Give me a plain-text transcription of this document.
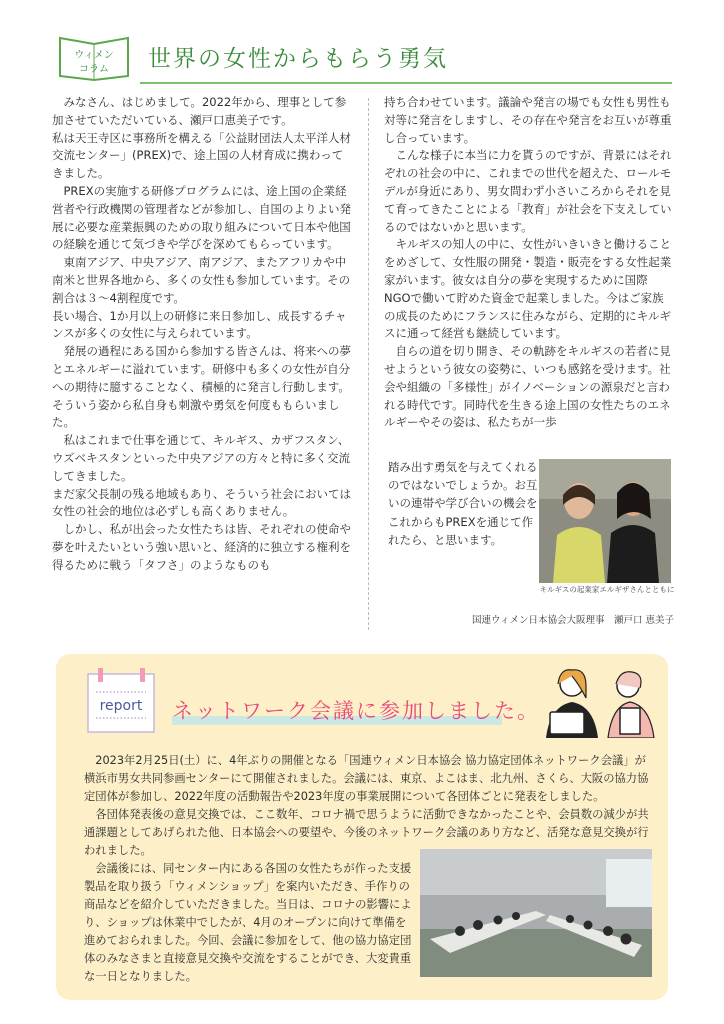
ウィメン
コラム 世界の女性からもらう勇気

みなさん、はじめまして。2022年から、理事として参加させていただいている、瀬戸口恵美子です。

私は天王寺区に事務所を構える「公益財団法人太平洋人材交流センター」(PREX)で、途上国の人材育成に携わってきました。

PREXの実施する研修プログラムには、途上国の企業経営者や行政機関の管理者などが参加し、自国のよりよい発展に必要な産業振興のための取り組みについて日本や他国の経験を通じて気づきや学びを深めてもらっています。

東南アジア、中央アジア、南アジア、またアフリカや中南米と世界各地から、多くの女性も参加しています。その割合は３〜4割程度です。

長い場合、1か月以上の研修に来日参加し、成長するチャンスが多くの女性に与えられています。

発展の過程にある国から参加する皆さんは、将来への夢とエネルギーに溢れています。研修中も多くの女性が自分への期待に臆することなく、積極的に発言し行動します。そういう姿から私自身も刺激や勇気を何度ももらいました。

私はこれまで仕事を通じて、キルギス、カザフスタン、ウズベキスタンといった中央アジアの方々と特に多く交流してきました。

まだ家父長制の残る地域もあり、そういう社会においては女性の社会的地位は必ずしも高くありません。

しかし、私が出会った女性たちは皆、それぞれの使命や夢を叶えたいという強い思いと、経済的に独立する権利を得るために戦う「タフさ」のようなものも

持ち合わせています。議論や発言の場でも女性も男性も対等に発言をしますし、その存在や発言をお互いが尊重し合っています。

こんな様子に本当に力を貰うのですが、背景にはそれぞれの社会の中に、これまでの世代を超えた、ロールモデルが身近にあり、男女問わず小さいころからそれを見て育ってきたことによる「教育」が社会を下支えしているのではないかと思います。

キルギスの知人の中に、女性がいきいきと働けることをめざして、女性服の開発・製造・販売をする女性起業家がいます。彼女は自分の夢を実現するために国際NGOで働いて貯めた資金で起業しました。今はご家族の成長のためにフランスに住みながら、定期的にキルギスに通って経営も継続しています。

自らの道を切り開き、その軌跡をキルギスの若者に見せようという彼女の姿勢に、いつも感銘を受けます。社会や組織の「多様性」がイノベーションの源泉だと言われる時代です。同時代を生きる途上国の女性たちのエネルギーやその姿は、私たちが一歩

踏み出す勇気を与えてくれるのではないでしょうか。お互いの連帯や学び合いの機会をこれからもPREXを通じて作れたら、と思います。
キルギスの起業家エルギザさんとともに
国連ウィメン日本協会大阪理事　瀬戸口 恵美子
report ネットワーク会議に参加しました。

2023年2月25日(土）に、4年ぶりの開催となる「国連ウィメン日本協会 協力協定団体ネットワーク会議」が横浜市男女共同参画センターにて開催されました。会議には、東京、よこはま、北九州、さくら、大阪の協力協定団体が参加し、2022年度の活動報告や2023年度の事業展開について各団体ごとに発表をしました。

各団体発表後の意見交換では、ここ数年、コロナ禍で思うように活動できなかったことや、会員数の減少が共通課題としてあげられた他、日本協会への要望や、今後のネットワーク会議のあり方など、活発な意見交換が行われました。

会議後には、同センター内にある各国の女性たちが作った支援製品を取り扱う「ウィメンショップ」を案内いただき、手作りの商品などを紹介していただきました。当日は、コロナの影響により、ショップは休業中でしたが、4月のオープンに向けて準備を進めておられました。今回、会議に参加をして、他の協力協定団体のみなさまと直接意見交換や交流をすることができ、大変貴重な一日となりました。
